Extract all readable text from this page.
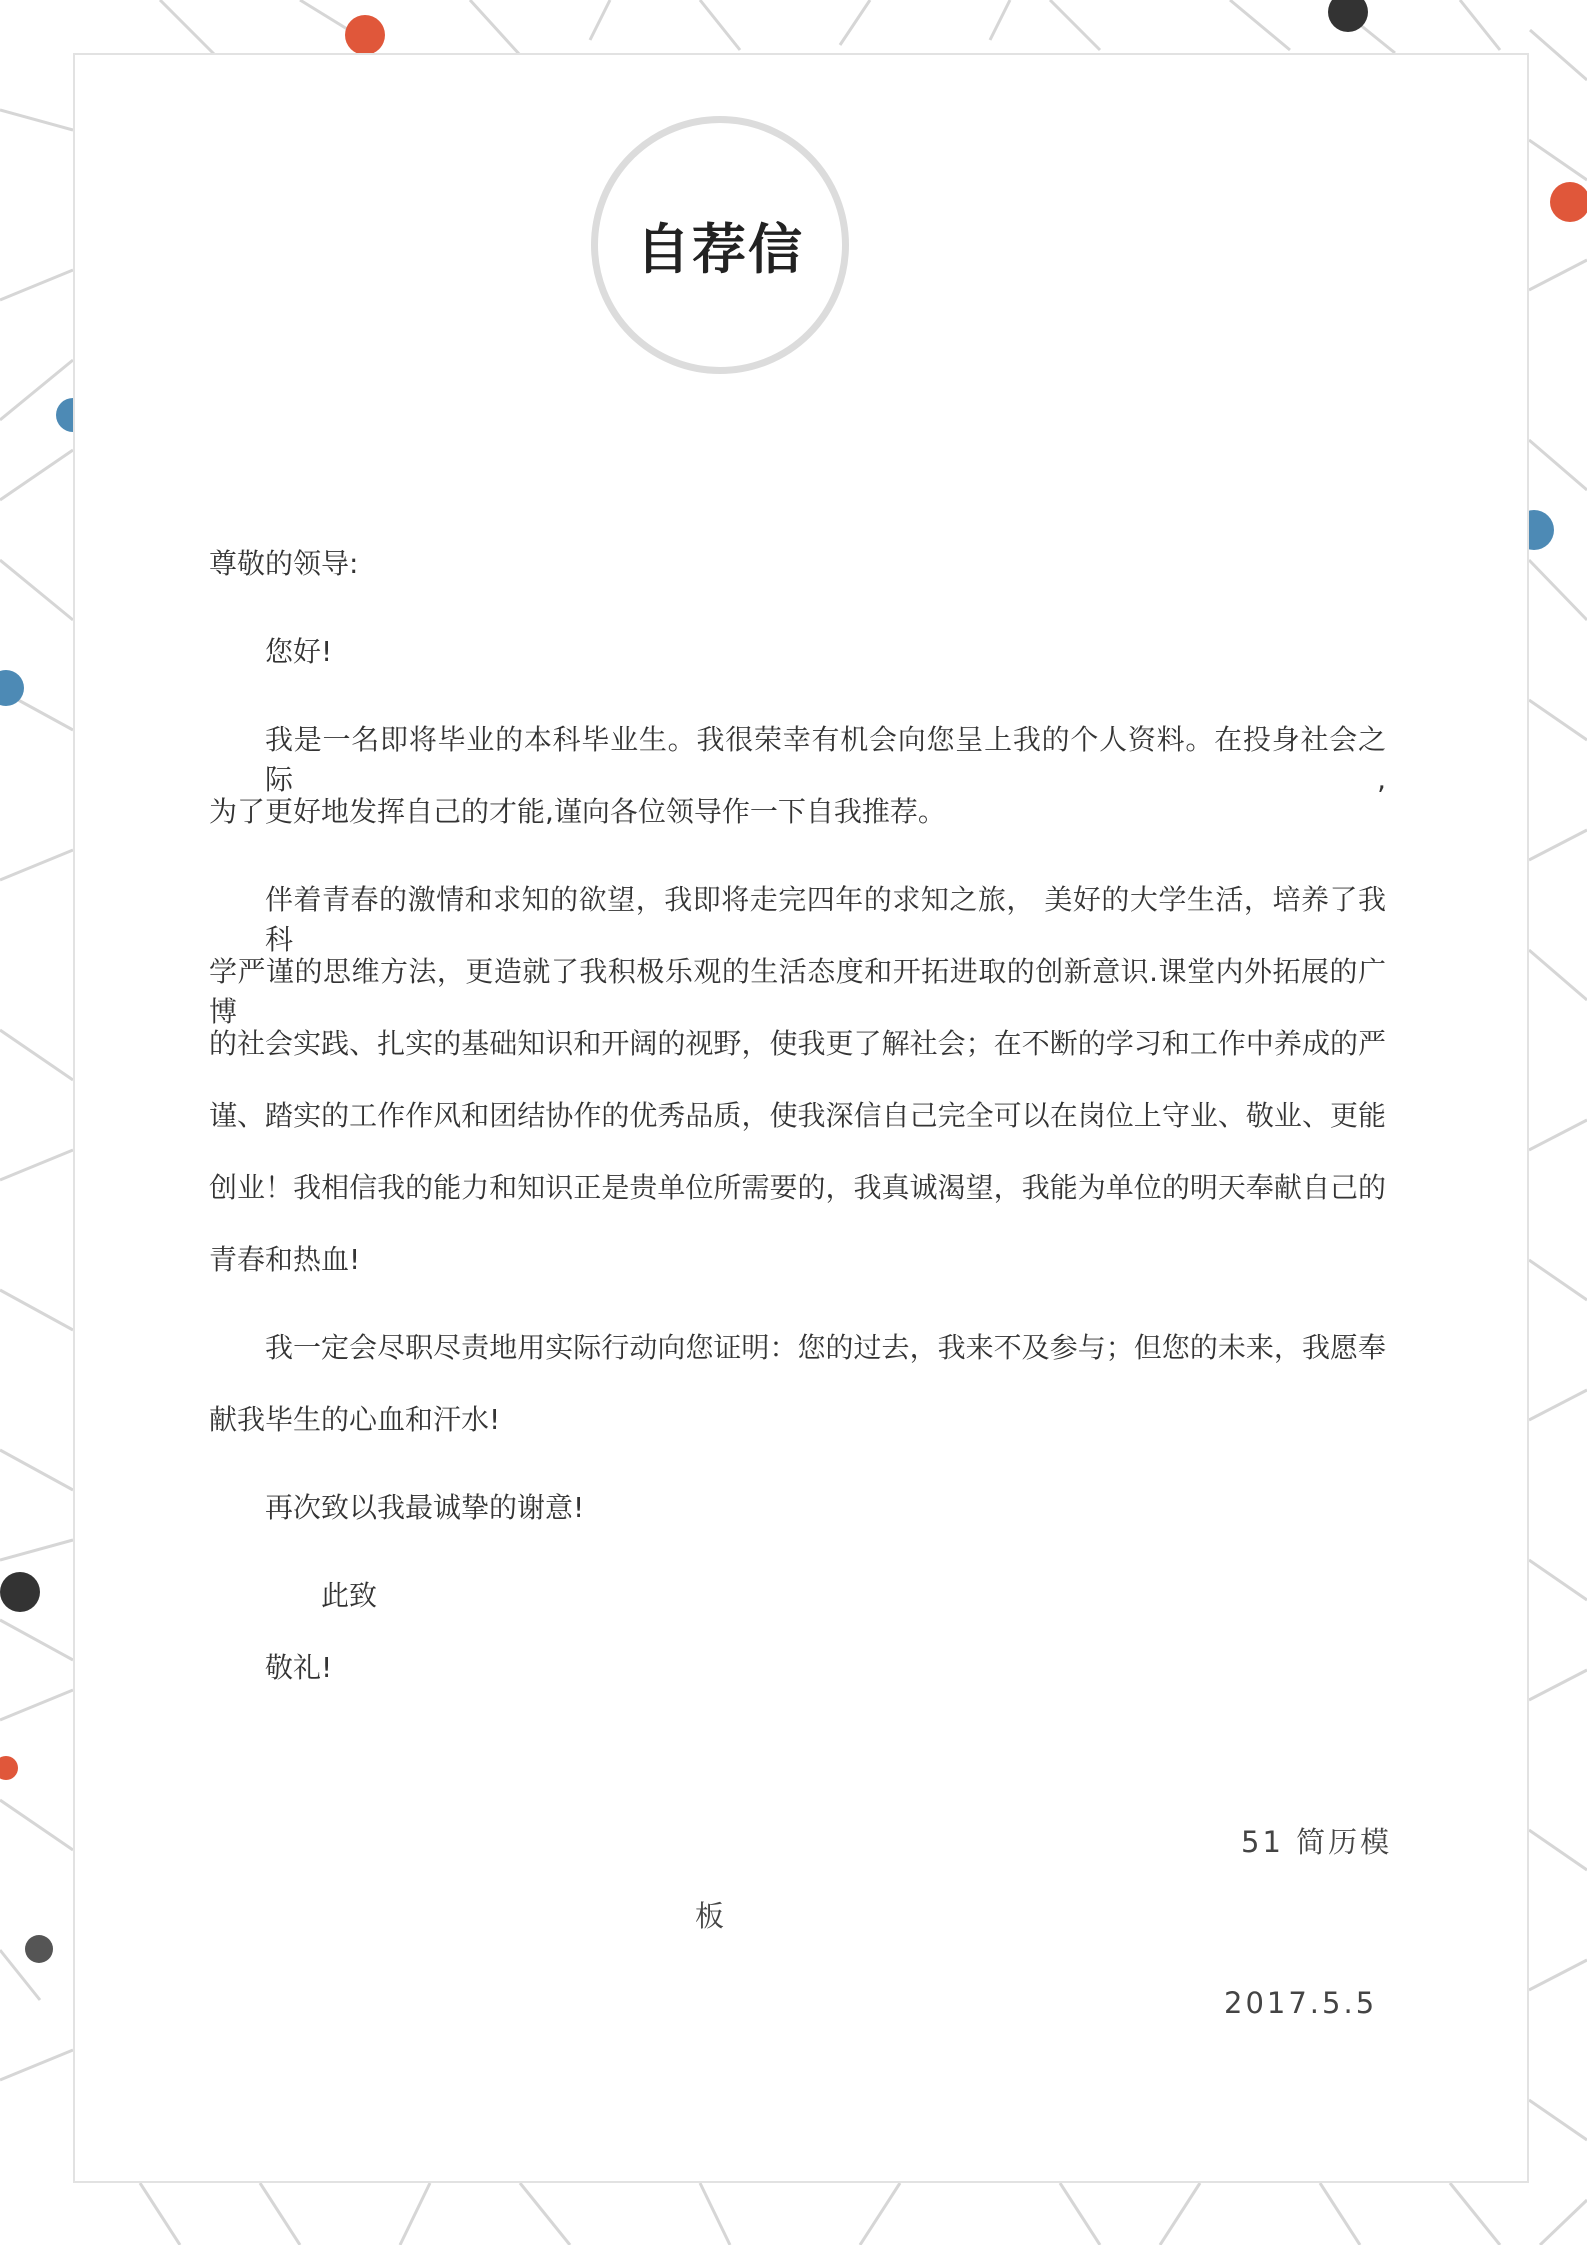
自荐信
尊敬的领导:
您好!
我是一名即将毕业的本科毕业生。我很荣幸有机会向您呈上我的个人资料。在投身社会之际,
为了更好地发挥自己的才能,谨向各位领导作一下自我推荐。
伴着青春的激情和求知的欲望，我即将走完四年的求知之旅， 美好的大学生活，培养了我科
学严谨的思维方法，更造就了我积极乐观的生活态度和开拓进取的创新意识.课堂内外拓展的广博
的社会实践、扎实的基础知识和开阔的视野，使我更了解社会；在不断的学习和工作中养成的严
谨、踏实的工作作风和团结协作的优秀品质，使我深信自己完全可以在岗位上守业、敬业、更能
创业！我相信我的能力和知识正是贵单位所需要的，我真诚渴望，我能为单位的明天奉献自己的
青春和热血!
我一定会尽职尽责地用实际行动向您证明：您的过去，我来不及参与；但您的未来，我愿奉
献我毕生的心血和汗水!
再次致以我最诚挚的谢意!
此致
敬礼!
51 简历模
板
2017.5.5
